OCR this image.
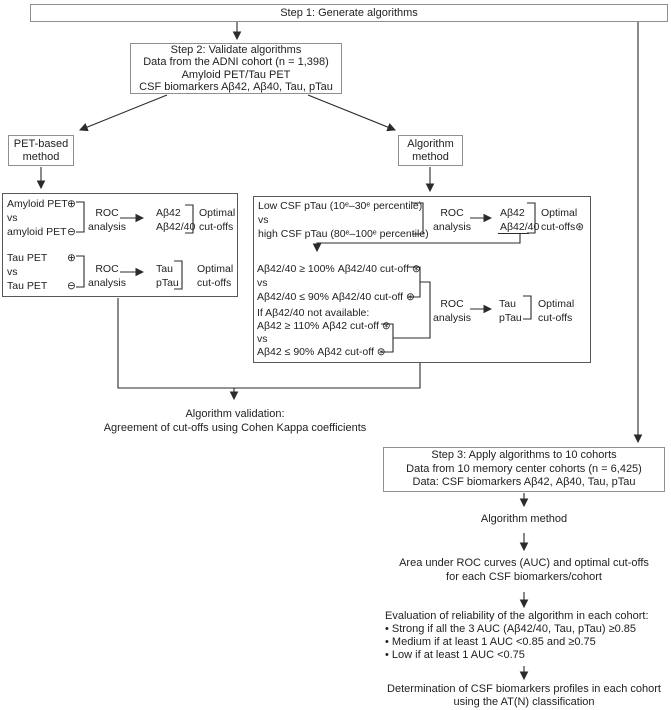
Step 1: Generate algorithms
Step 2: Validate algorithms
Data from the ADNI cohort (n = 1,398)
Amyloid PET/Tau PET
CSF biomarkers Aβ42, Aβ40, Tau, pTau
PET-based
method
Algorithm
method
Amyloid PET ⊕
vs
amyloid PET ⊖
ROC
analysis
Aβ42
Aβ42/40
Optimal
cut-offs
Tau PET	⊕
vs
Tau PET	⊖
ROC
analysis
Tau
pTau
Optimal
cut-offs
Low CSF pTau (10ᵉ–30ᵉ percentile)
vs
high CSF pTau (80ᵉ–100ᵉ percentile)
ROC
analysis
Aβ42
Aβ42/40
Optimal
cut-offs⊛
Aβ42/40 ≥ 100% Aβ42/40 cut-off ⊛
vs
Aβ42/40 ≤ 90% Aβ42/40 cut-off ⊛
If Aβ42/40 not available:
Aβ42 ≥ 110% Aβ42 cut-off ⊛
vs
Aβ42 ≤ 90% Aβ42 cut-off ⊛
ROC
analysis
Tau
pTau
Optimal
cut-offs
Algorithm validation:
Agreement of cut-offs using Cohen Kappa coefficients
Step 3: Apply algorithms to 10 cohorts
Data from 10 memory center cohorts (n = 6,425)
Data: CSF biomarkers Aβ42, Aβ40, Tau, pTau
Algorithm method
Area under ROC curves (AUC) and optimal cut-offs
for each CSF biomarkers/cohort
Evaluation of reliability of the algorithm in each cohort:
• Strong if all the 3 AUC (Aβ42/40, Tau, pTau) ≥0.85
• Medium if at least 1 AUC <0.85 and ≥0.75
• Low if at least 1 AUC <0.75
Determination of CSF biomarkers profiles in each cohort
using the AT(N) classification
